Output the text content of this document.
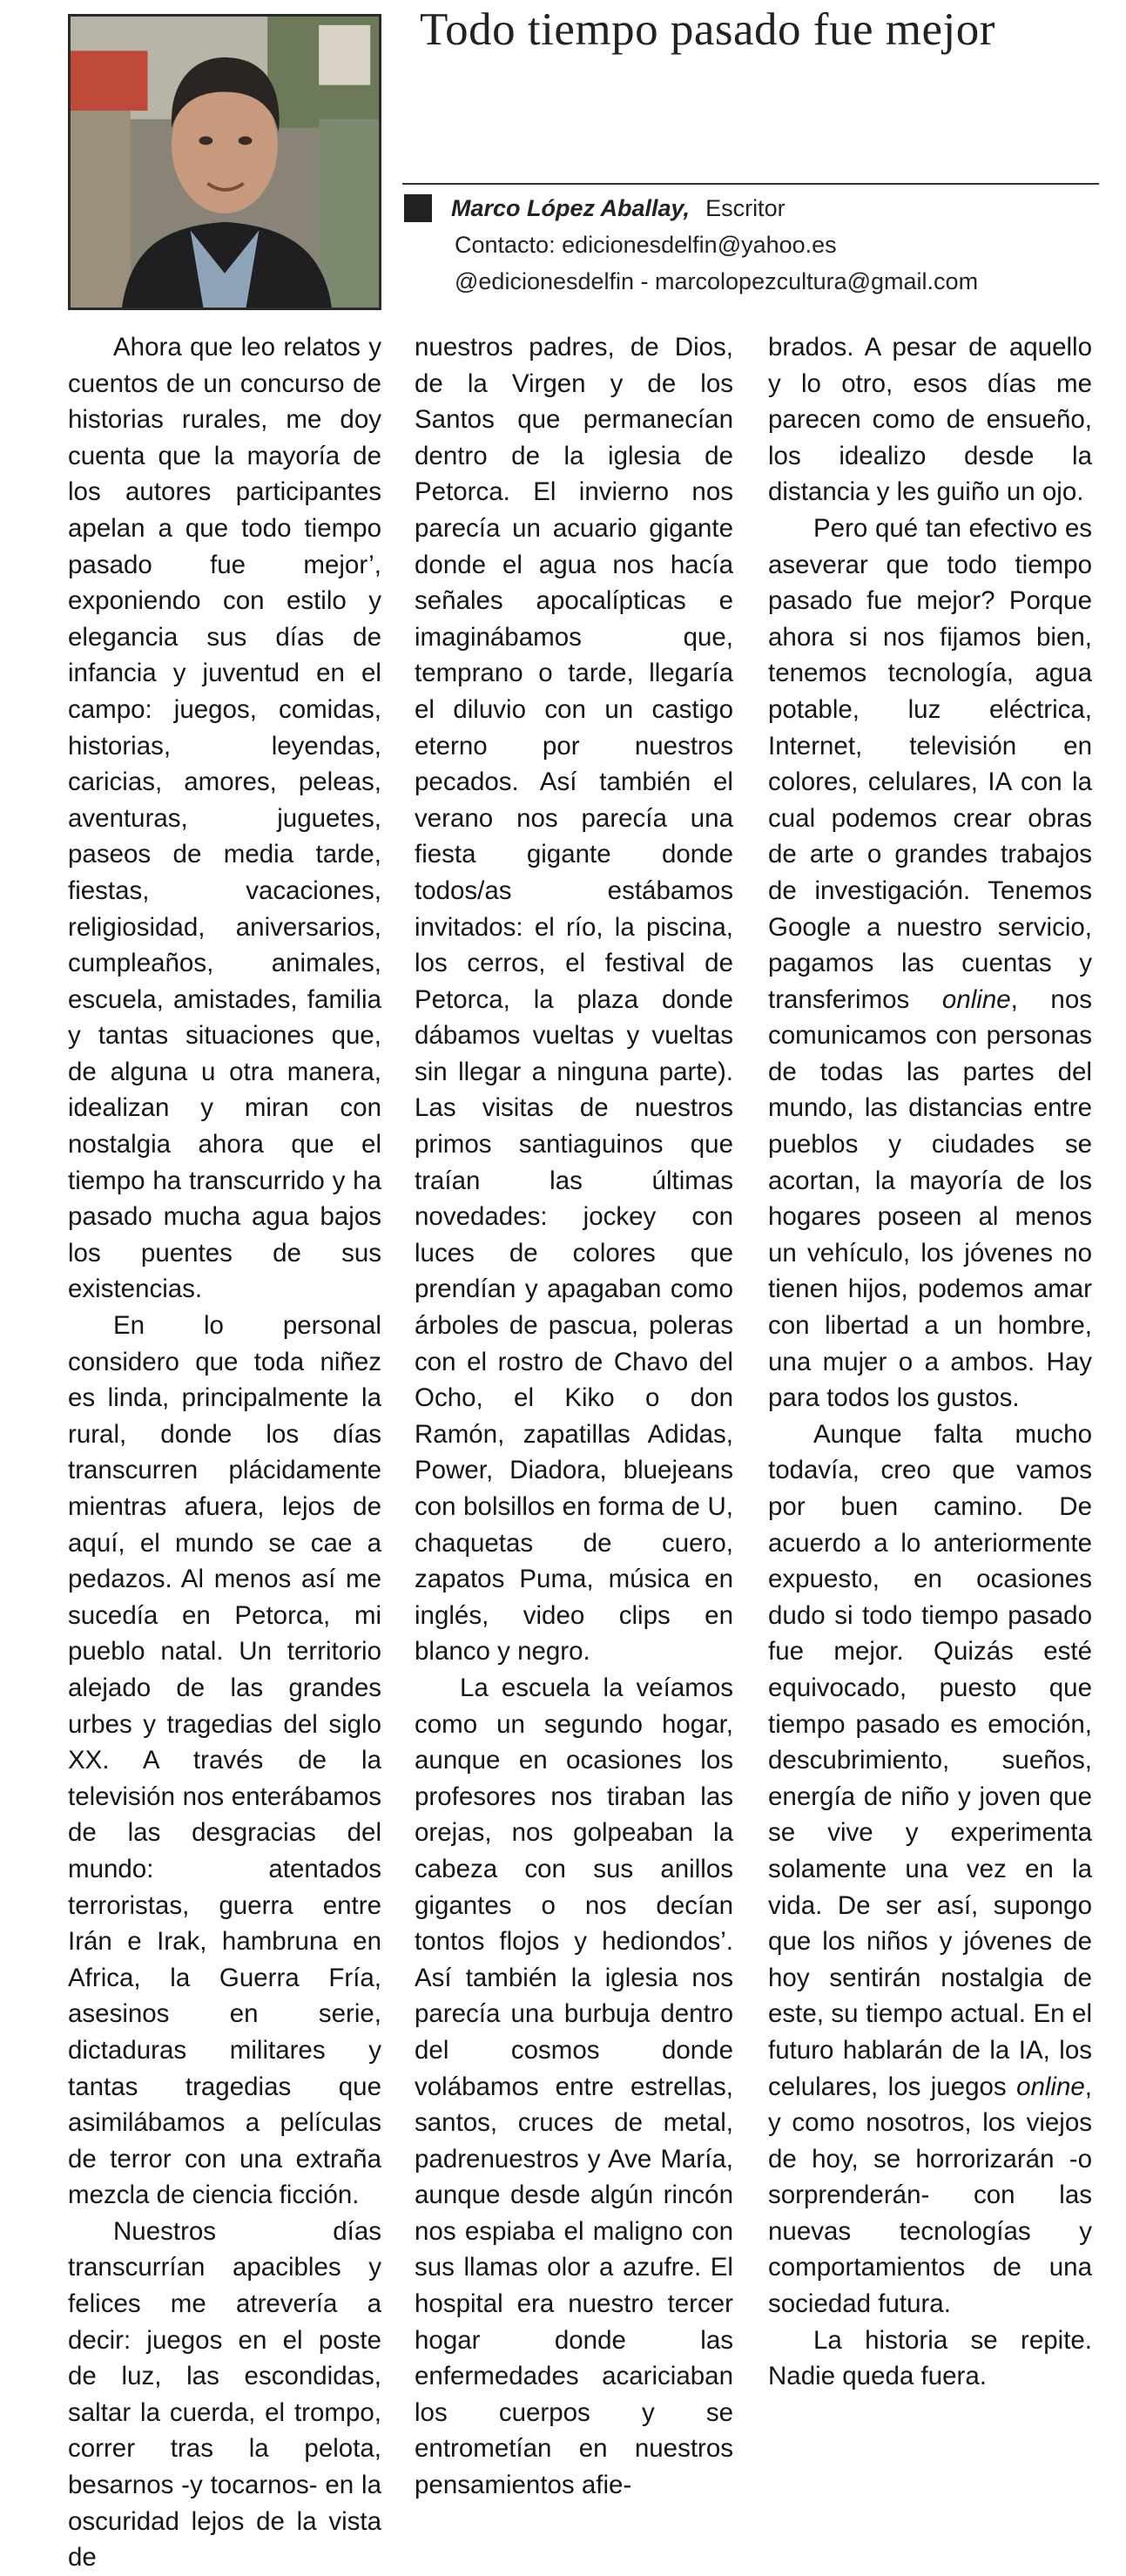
Todo tiempo pasado fue mejor
Marco López Aballay, Escritor
Contacto: edicionesdelfin@yahoo.es
@edicionesdelfin - marcolopezcultura@gmail.com

Ahora que leo relatos y cuentos de un concurso de historias rurales, me doy cuenta que la mayoría de los autores participantes apelan a que todo tiempo pasado fue mejor’, exponiendo con estilo y elegancia sus días de infancia y juventud en el campo: juegos, comidas, historias, leyendas, caricias, amores, peleas, aventuras, juguetes, paseos de media tarde, fiestas, vacaciones, religiosidad, aniversarios, cumpleaños, animales, escuela, amistades, familia y tantas situaciones que, de alguna u otra manera, idealizan y miran con nostalgia ahora que el tiempo ha transcurrido y ha pasado mucha agua bajos los puentes de sus existencias.

En lo personal considero que toda niñez es linda, principalmente la rural, donde los días transcurren plácidamente mientras afuera, lejos de aquí, el mundo se cae a pedazos. Al menos así me sucedía en Petorca, mi pueblo natal. Un territorio alejado de las grandes urbes y tragedias del siglo XX. A través de la televisión nos enterábamos de las desgracias del mundo: atentados terroristas, guerra entre Irán e Irak, hambruna en Africa, la Guerra Fría, asesinos en serie, dictaduras militares y tantas tragedias que asimilábamos a películas de terror con una extraña mezcla de ciencia ficción.

Nuestros días transcurrían apacibles y felices me atrevería a decir: juegos en el poste de luz, las escondidas, saltar la cuerda, el trompo, correr tras la pelota, besarnos -y tocarnos- en la oscuridad lejos de la vista de

nuestros padres, de Dios, de la Virgen y de los Santos que permanecían dentro de la iglesia de Petorca. El invierno nos parecía un acuario gigante donde el agua nos hacía señales apocalípticas e imaginábamos que, temprano o tarde, llegaría el diluvio con un castigo eterno por nuestros pecados. Así también el verano nos parecía una fiesta gigante donde todos/as estábamos invitados: el río, la piscina, los cerros, el festival de Petorca, la plaza donde dábamos vueltas y vueltas sin llegar a ninguna parte). Las visitas de nuestros primos santiaguinos que traían las últimas novedades: jockey con luces de colores que prendían y apagaban como árboles de pascua, poleras con el rostro de Chavo del Ocho, el Kiko o don Ramón, zapatillas Adidas, Power, Diadora, bluejeans con bolsillos en forma de U, chaquetas de cuero, zapatos Puma, música en inglés, video clips en blanco y negro.

La escuela la veíamos como un segundo hogar, aunque en ocasiones los profesores nos tiraban las orejas, nos golpeaban la cabeza con sus anillos gigantes o nos decían tontos flojos y hediondos’. Así también la iglesia nos parecía una burbuja dentro del cosmos donde volábamos entre estrellas, santos, cruces de metal, padrenuestros y Ave María, aunque desde algún rincón nos espiaba el maligno con sus llamas olor a azufre. El hospital era nuestro tercer hogar donde las enfermedades acariciaban los cuerpos y se entrometían en nuestros pensamientos afie-

brados. A pesar de aquello y lo otro, esos días me parecen como de ensueño, los idealizo desde la distancia y les guiño un ojo.

Pero qué tan efectivo es aseverar que todo tiempo pasado fue mejor? Porque ahora si nos fijamos bien, tenemos tecnología, agua potable, luz eléctrica, Internet, televisión en colores, celulares, IA con la cual podemos crear obras de arte o grandes trabajos de investigación. Tenemos Google a nuestro servicio, pagamos las cuentas y transferimos online, nos comunicamos con personas de todas las partes del mundo, las distancias entre pueblos y ciudades se acortan, la mayoría de los hogares poseen al menos un vehículo, los jóvenes no tienen hijos, podemos amar con libertad a un hombre, una mujer o a ambos. Hay para todos los gustos.

Aunque falta mucho todavía, creo que vamos por buen camino. De acuerdo a lo anteriormente expuesto, en ocasiones dudo si todo tiempo pasado fue mejor. Quizás esté equivocado, puesto que tiempo pasado es emoción, descubrimiento, sueños, energía de niño y joven que se vive y experimenta solamente una vez en la vida. De ser así, supongo que los niños y jóvenes de hoy sentirán nostalgia de este, su tiempo actual. En el futuro hablarán de la IA, los celulares, los juegos online, y como nosotros, los viejos de hoy, se horrorizarán -o sorprenderán- con las nuevas tecnologías y comportamientos de una sociedad futura.

La historia se repite. Nadie queda fuera.
